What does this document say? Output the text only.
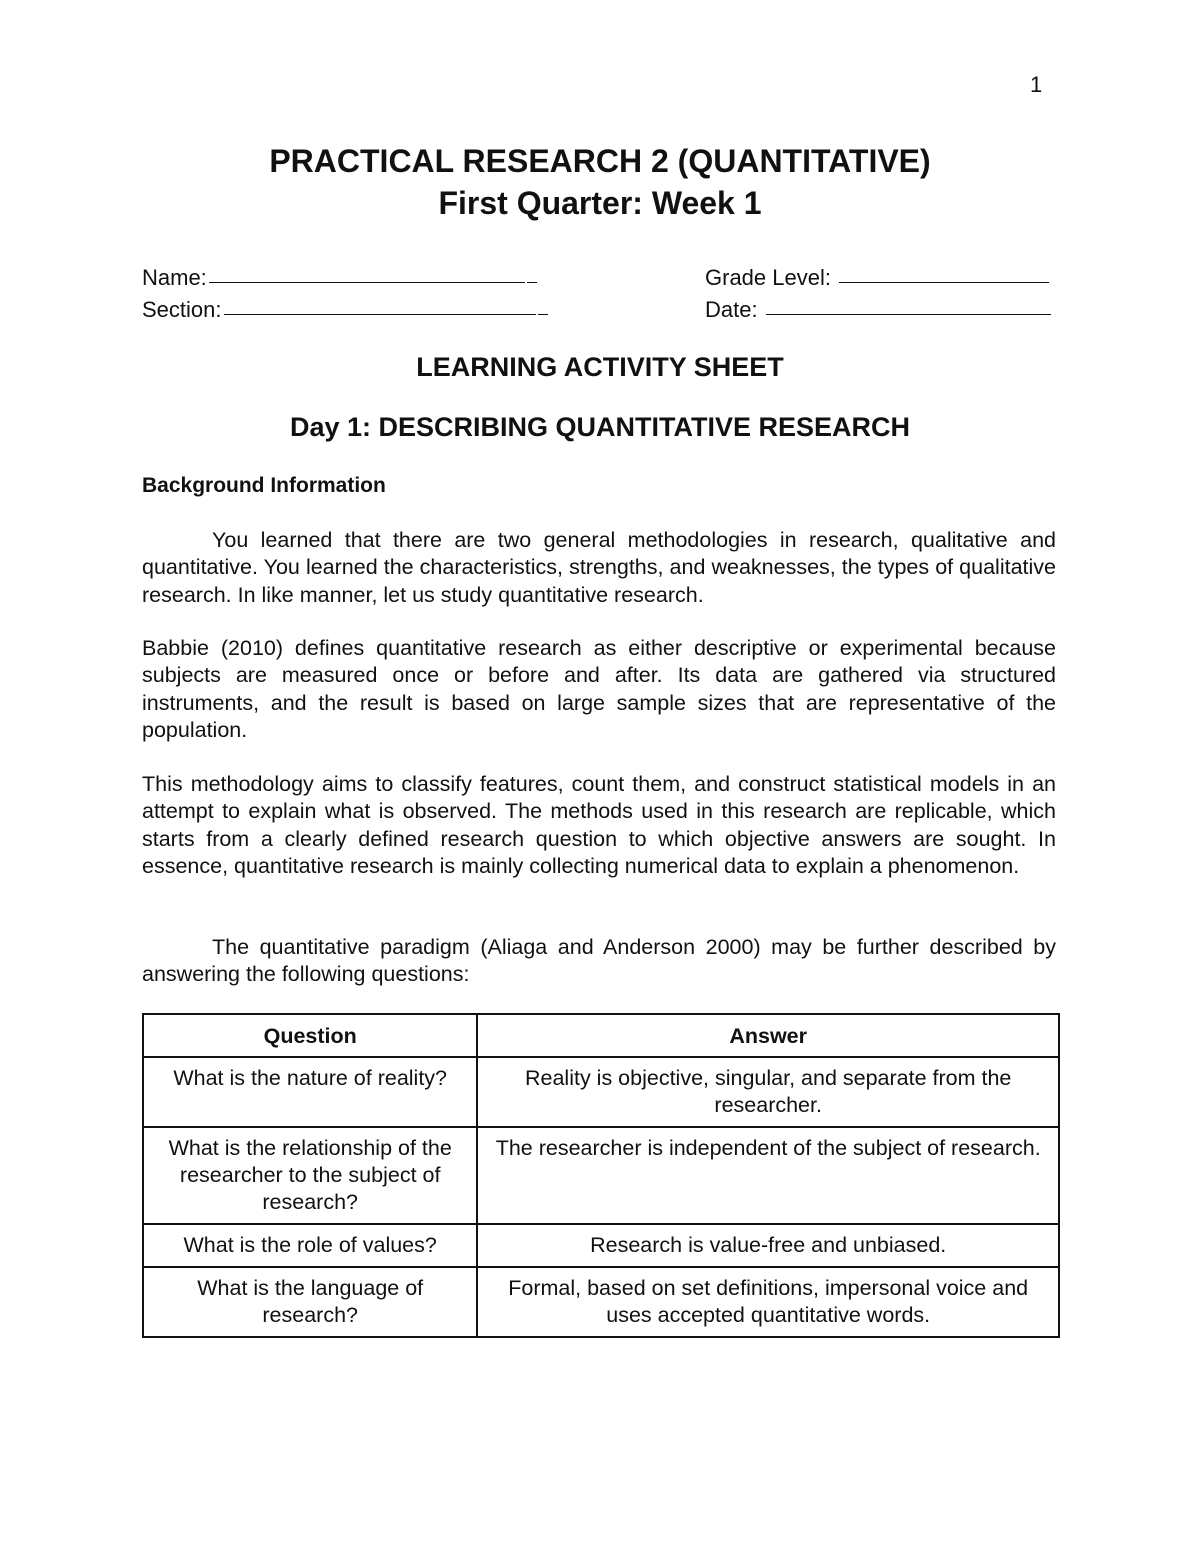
1
PRACTICAL RESEARCH 2 (QUANTITATIVE)
First Quarter: Week 1
Name:	Grade Level:
Section:	Date:
LEARNING ACTIVITY SHEET
Day 1: DESCRIBING QUANTITATIVE RESEARCH
Background Information

You learned that there are two general methodologies in research, qualitative and quantitative. You learned the characteristics, strengths, and weaknesses, the types of qualitative research. In like manner, let us study quantitative research.

Babbie (2010) defines quantitative research as either descriptive or experimental because subjects are measured once or before and after. Its data are gathered via structured instruments, and the result is based on large sample sizes that are representative of the population.

This methodology aims to classify features, count them, and construct statistical models in an attempt to explain what is observed. The methods used in this research are replicable, which starts from a clearly defined research question to which objective answers are sought. In essence, quantitative research is mainly collecting numerical data to explain a phenomenon.

The quantitative paradigm (Aliaga and Anderson 2000) may be further described by answering the following questions:

Question	Answer
What is the nature of reality?	Reality is objective, singular, and separate from the researcher.
What is the relationship of the researcher to the subject of research?	The researcher is independent of the subject of research.
What is the role of values?	Research is value-free and unbiased.
What is the language of research?	Formal, based on set definitions, impersonal voice and uses accepted quantitative words.
